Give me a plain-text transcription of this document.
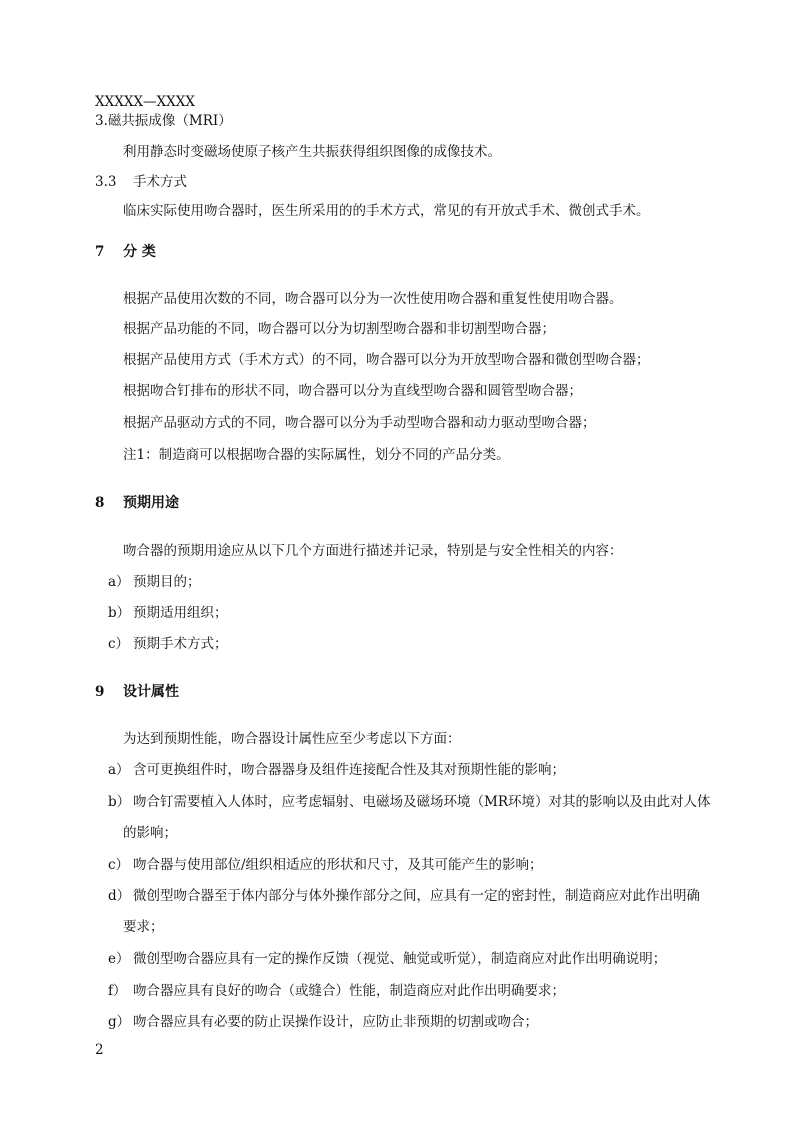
XXXXX—XXXX
3.磁共振成像（MRI）
利用静态时变磁场使原子核产生共振获得组织图像的成像技术。
3.3 手术方式
临床实际使用吻合器时，医生所采用的的手术方式，常见的有开放式手术、微创式手术。
7 分 类
根据产品使用次数的不同，吻合器可以分为一次性使用吻合器和重复性使用吻合器。
根据产品功能的不同，吻合器可以分为切割型吻合器和非切割型吻合器；
根据产品使用方式（手术方式）的不同，吻合器可以分为开放型吻合器和微创型吻合器；
根据吻合钉排布的形状不同，吻合器可以分为直线型吻合器和圆管型吻合器；
根据产品驱动方式的不同，吻合器可以分为手动型吻合器和动力驱动型吻合器；
注1：制造商可以根据吻合器的实际属性，划分不同的产品分类。
8 预期用途
吻合器的预期用途应从以下几个方面进行描述并记录，特别是与安全性相关的内容：
a） 预期目的；
b） 预期适用组织；
c） 预期手术方式；
9 设计属性
为达到预期性能，吻合器设计属性应至少考虑以下方面：
a） 含可更换组件时，吻合器器身及组件连接配合性及其对预期性能的影响；
b） 吻合钉需要植入人体时，应考虑辐射、电磁场及磁场环境（MR环境）对其的影响以及由此对人体
的影响；
c） 吻合器与使用部位/组织相适应的形状和尺寸，及其可能产生的影响；
d） 微创型吻合器至于体内部分与体外操作部分之间，应具有一定的密封性，制造商应对此作出明确
要求；
e） 微创型吻合器应具有一定的操作反馈（视觉、触觉或听觉），制造商应对此作出明确说明；
f） 吻合器应具有良好的吻合（或缝合）性能，制造商应对此作出明确要求；
g） 吻合器应具有必要的防止误操作设计，应防止非预期的切割或吻合；
2
